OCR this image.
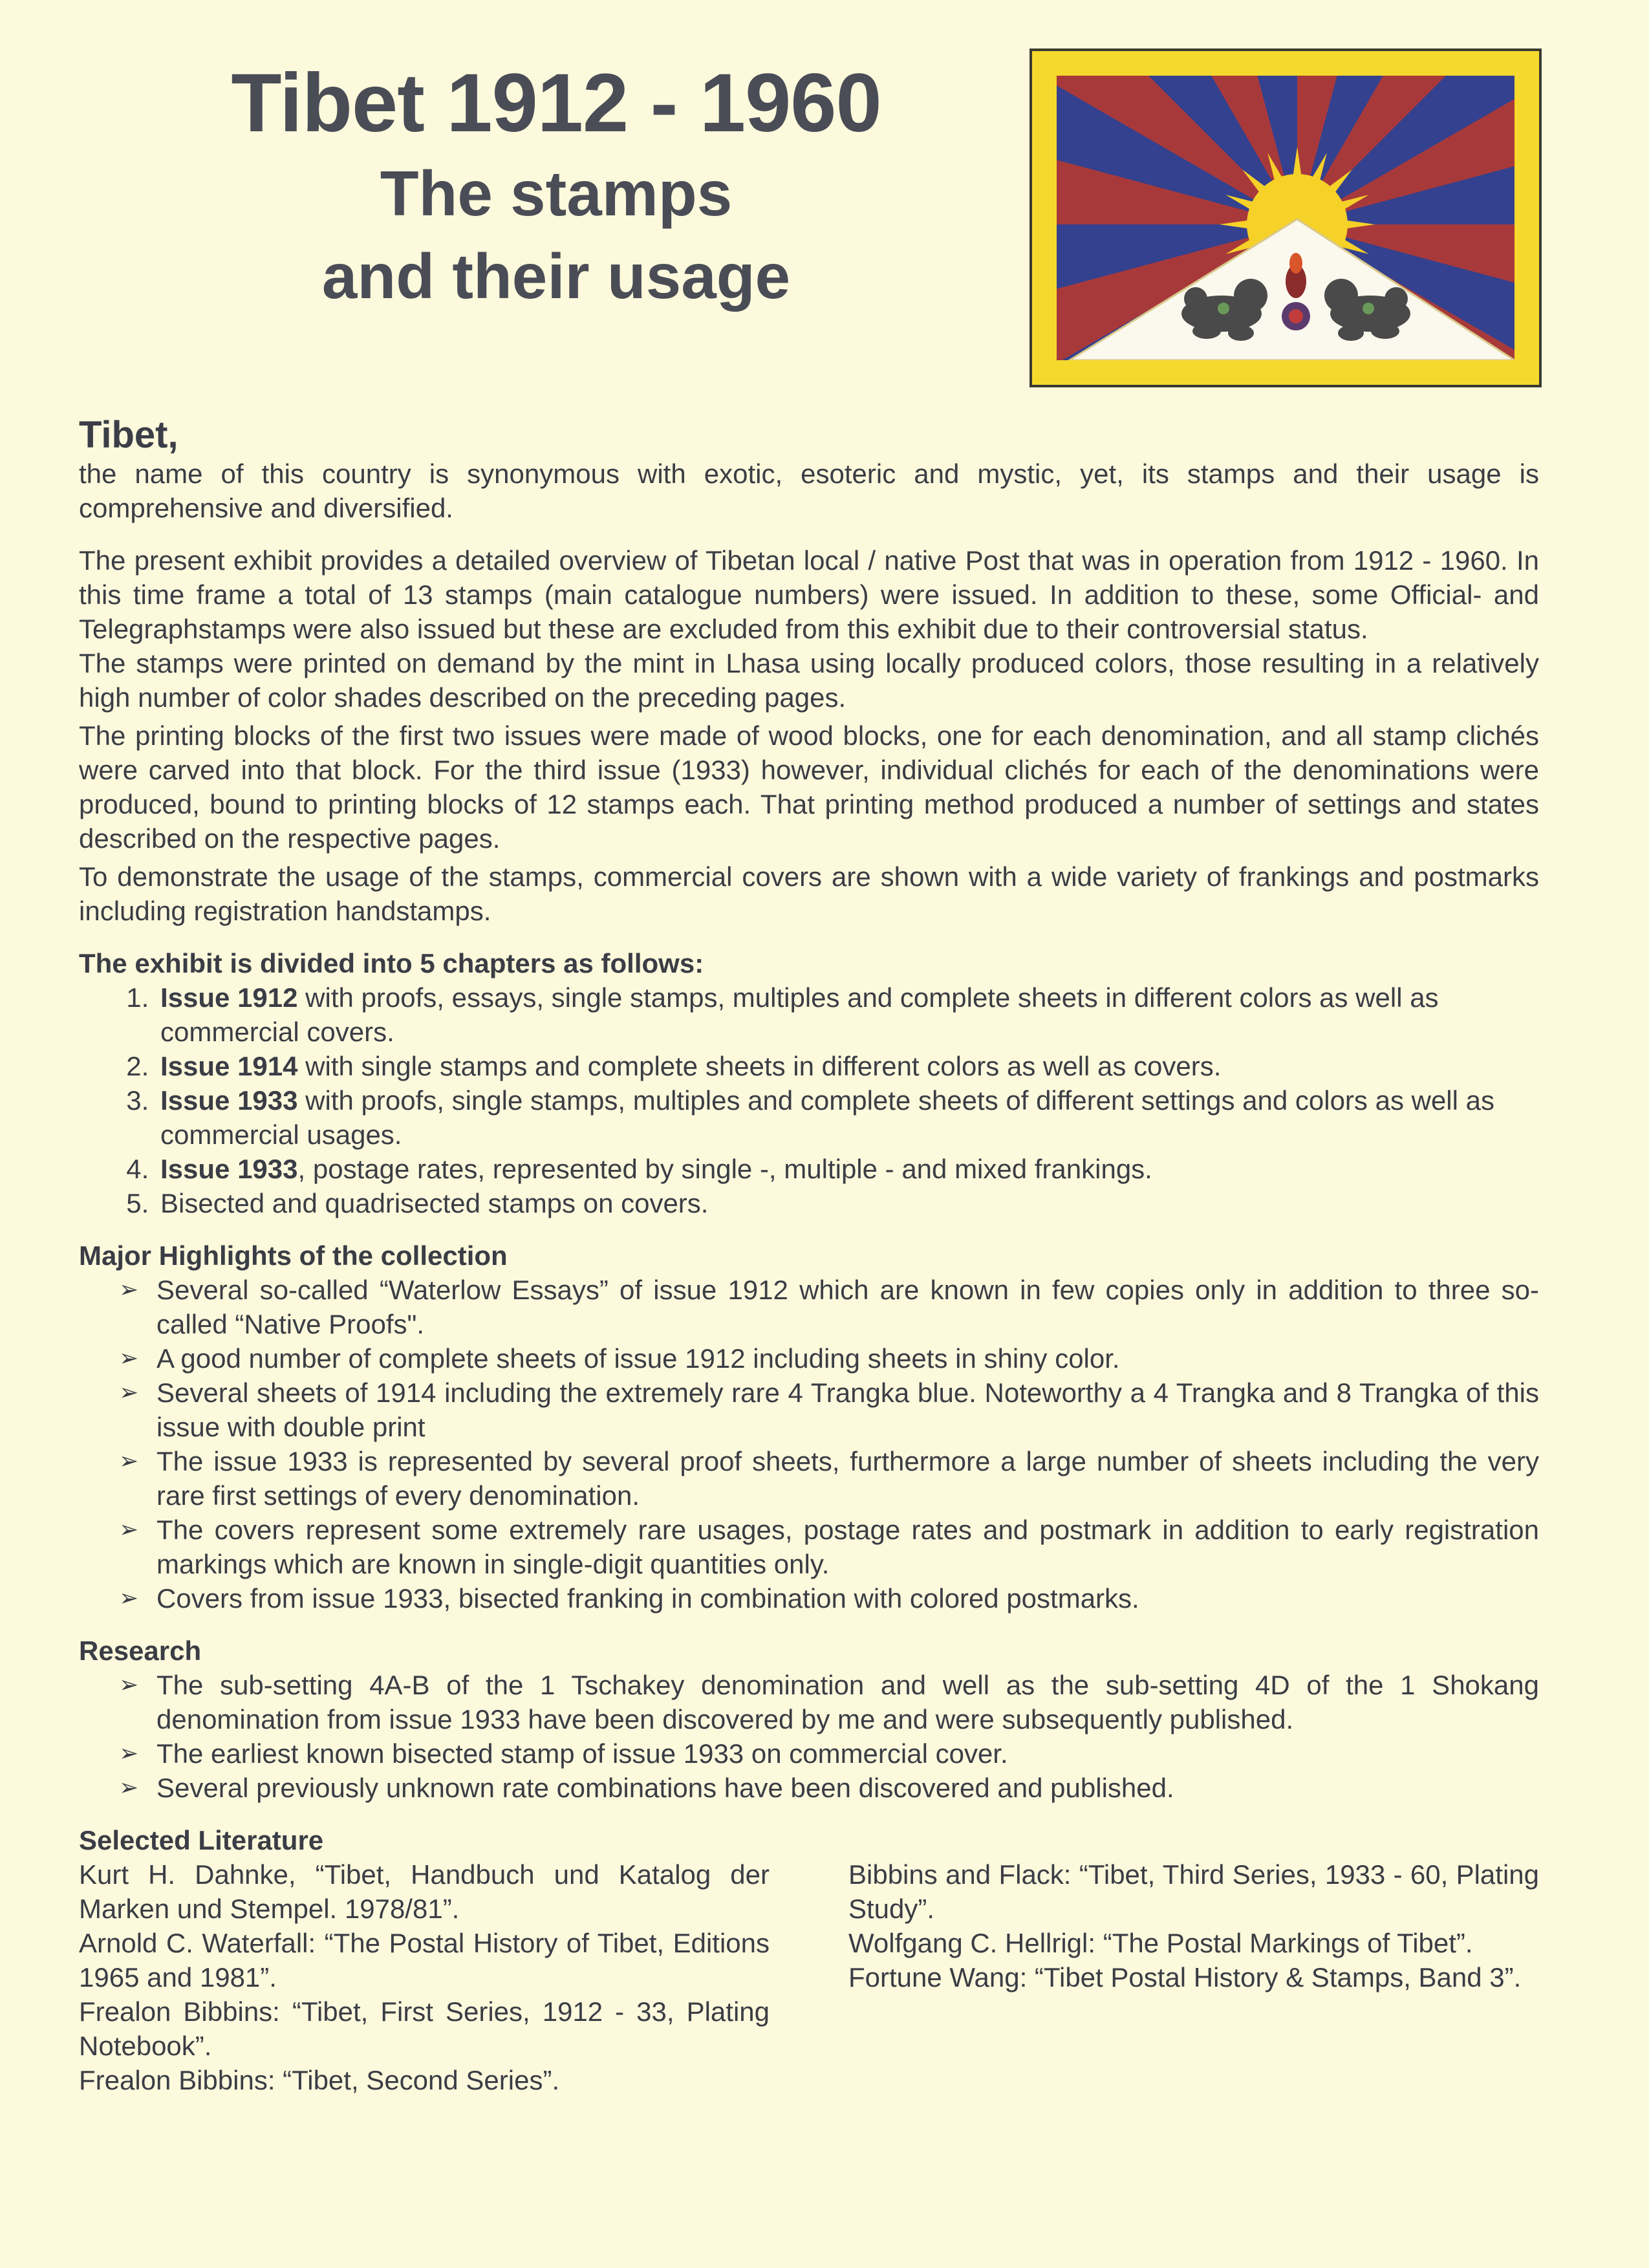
Tibet 1912 - 1960
The stamps
and their usage
Tibet,

the name of this country is synonymous with exotic, esoteric and mystic, yet, its stamps and their usage is comprehensive and diversified.

The present exhibit provides a detailed overview of Tibetan local / native Post that was in operation from 1912 - 1960. In this time frame a total of 13 stamps (main catalogue numbers) were issued. In addition to these, some Official- and Telegraphstamps were also issued but these are excluded from this exhibit due to their controversial status.

The stamps were printed on demand by the mint in Lhasa using locally produced colors, those resulting in a relatively high number of color shades described on the preceding pages.

The printing blocks of the first two issues were made of wood blocks, one for each denomination, and all stamp clichés were carved into that block. For the third issue (1933) however, individual clichés for each of the denominations were produced, bound to printing blocks of 12 stamps each. That printing method produced a number of settings and states described on the respective pages.

To demonstrate the usage of the stamps, commercial covers are shown with a wide variety of frankings and postmarks including registration handstamps.

The exhibit is divided into 5 chapters as follows:
1. Issue 1912 with proofs, essays, single stamps, multiples and complete sheets in different colors as well as commercial covers.
2. Issue 1914 with single stamps and complete sheets in different colors as well as covers.
3. Issue 1933 with proofs, single stamps, multiples and complete sheets of different settings and colors as well as commercial usages.
4. Issue 1933, postage rates, represented by single -, multiple - and mixed frankings.
5. Bisected and quadrisected stamps on covers.
Major Highlights of the collection
➢ Several so-called “Waterlow Essays” of issue 1912 which are known in few copies only in addition to three so-called “Native Proofs".
➢ A good number of complete sheets of issue 1912 including sheets in shiny color.
➢ Several sheets of 1914 including the extremely rare 4 Trangka blue. Noteworthy a 4 Trangka and 8 Trangka of this issue with double print
➢ The issue 1933 is represented by several proof sheets, furthermore a large number of sheets including the very rare first settings of every denomination.
➢ The covers represent some extremely rare usages, postage rates and postmark in addition to early registration markings which are known in single-digit quantities only.
➢ Covers from issue 1933, bisected franking in combination with colored postmarks.
Research
➢ The sub-setting 4A-B of the 1 Tschakey denomination and well as the sub-setting 4D of the 1 Shokang denomination from issue 1933 have been discovered by me and were subsequently published.
➢ The earliest known bisected stamp of issue 1933 on commercial cover.
➢ Several previously unknown rate combinations have been discovered and published.
Selected Literature

Kurt H. Dahnke, “Tibet, Handbuch und Katalog der Marken und Stempel. 1978/81”.

Arnold C. Waterfall: “The Postal History of Tibet, Editions 1965 and 1981”.

Frealon Bibbins: “Tibet, First Series, 1912 - 33, Plating Notebook”.

Frealon Bibbins: “Tibet, Second Series”.

Bibbins and Flack: “Tibet, Third Series, 1933 - 60, Plating Study”.

Wolfgang C. Hellrigl: “The Postal Markings of Tibet”.

Fortune Wang: “Tibet Postal History & Stamps, Band 3”.
